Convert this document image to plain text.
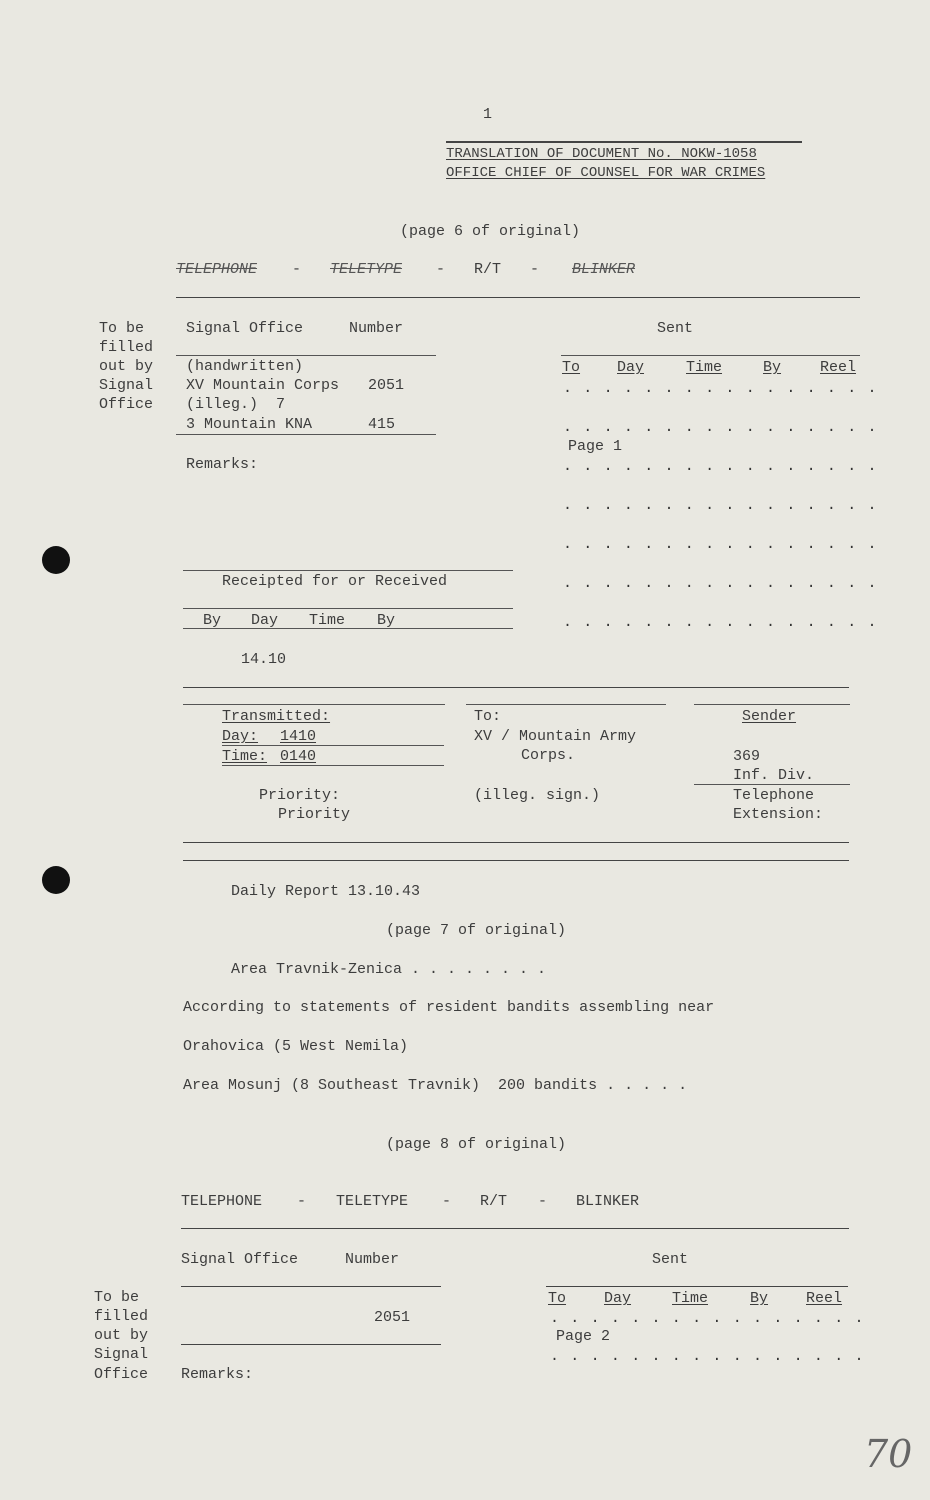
1
TRANSLATION OF DOCUMENT No. NOKW-1058
OFFICE CHIEF OF COUNSEL FOR WAR CRIMES
(page 6 of original)
TELEPHONE - TELETYPE - R/T - BLINKER
To be
filled
out by
Signal
Office
Signal Office	Number
(handwritten)
XV Mountain Corps 2051
(illeg.)  7
3 Mountain KNA	415
Remarks:
Sent
To Day	Time	By	Reel
................
................
Page 1
................
................
................
................
................
Receipted for or Received
By Day Time By
14.10
Transmitted:
Day: 1410
Time: 0140
Priority:
Priority
To:
XV / Mountain Army
Corps.
(illeg. sign.)
Sender
369
Inf. Div.
Telephone
Extension:
Daily Report 13.10.43
(page 7 of original)
Area Travnik-Zenica . . . . . . . .
According to statements of resident bandits assembling near
Orahovica (5 West Nemila)
Area Mosunj (8 Southeast Travnik)  200 bandits . . . . .
(page 8 of original)
TELEPHONE - TELETYPE - R/T - BLINKER
Signal Office	Number	Sent
To be
filled
out by
Signal
Office
2051
Remarks:
To	Day	Time	By	Reel
................
Page 2
................
70
